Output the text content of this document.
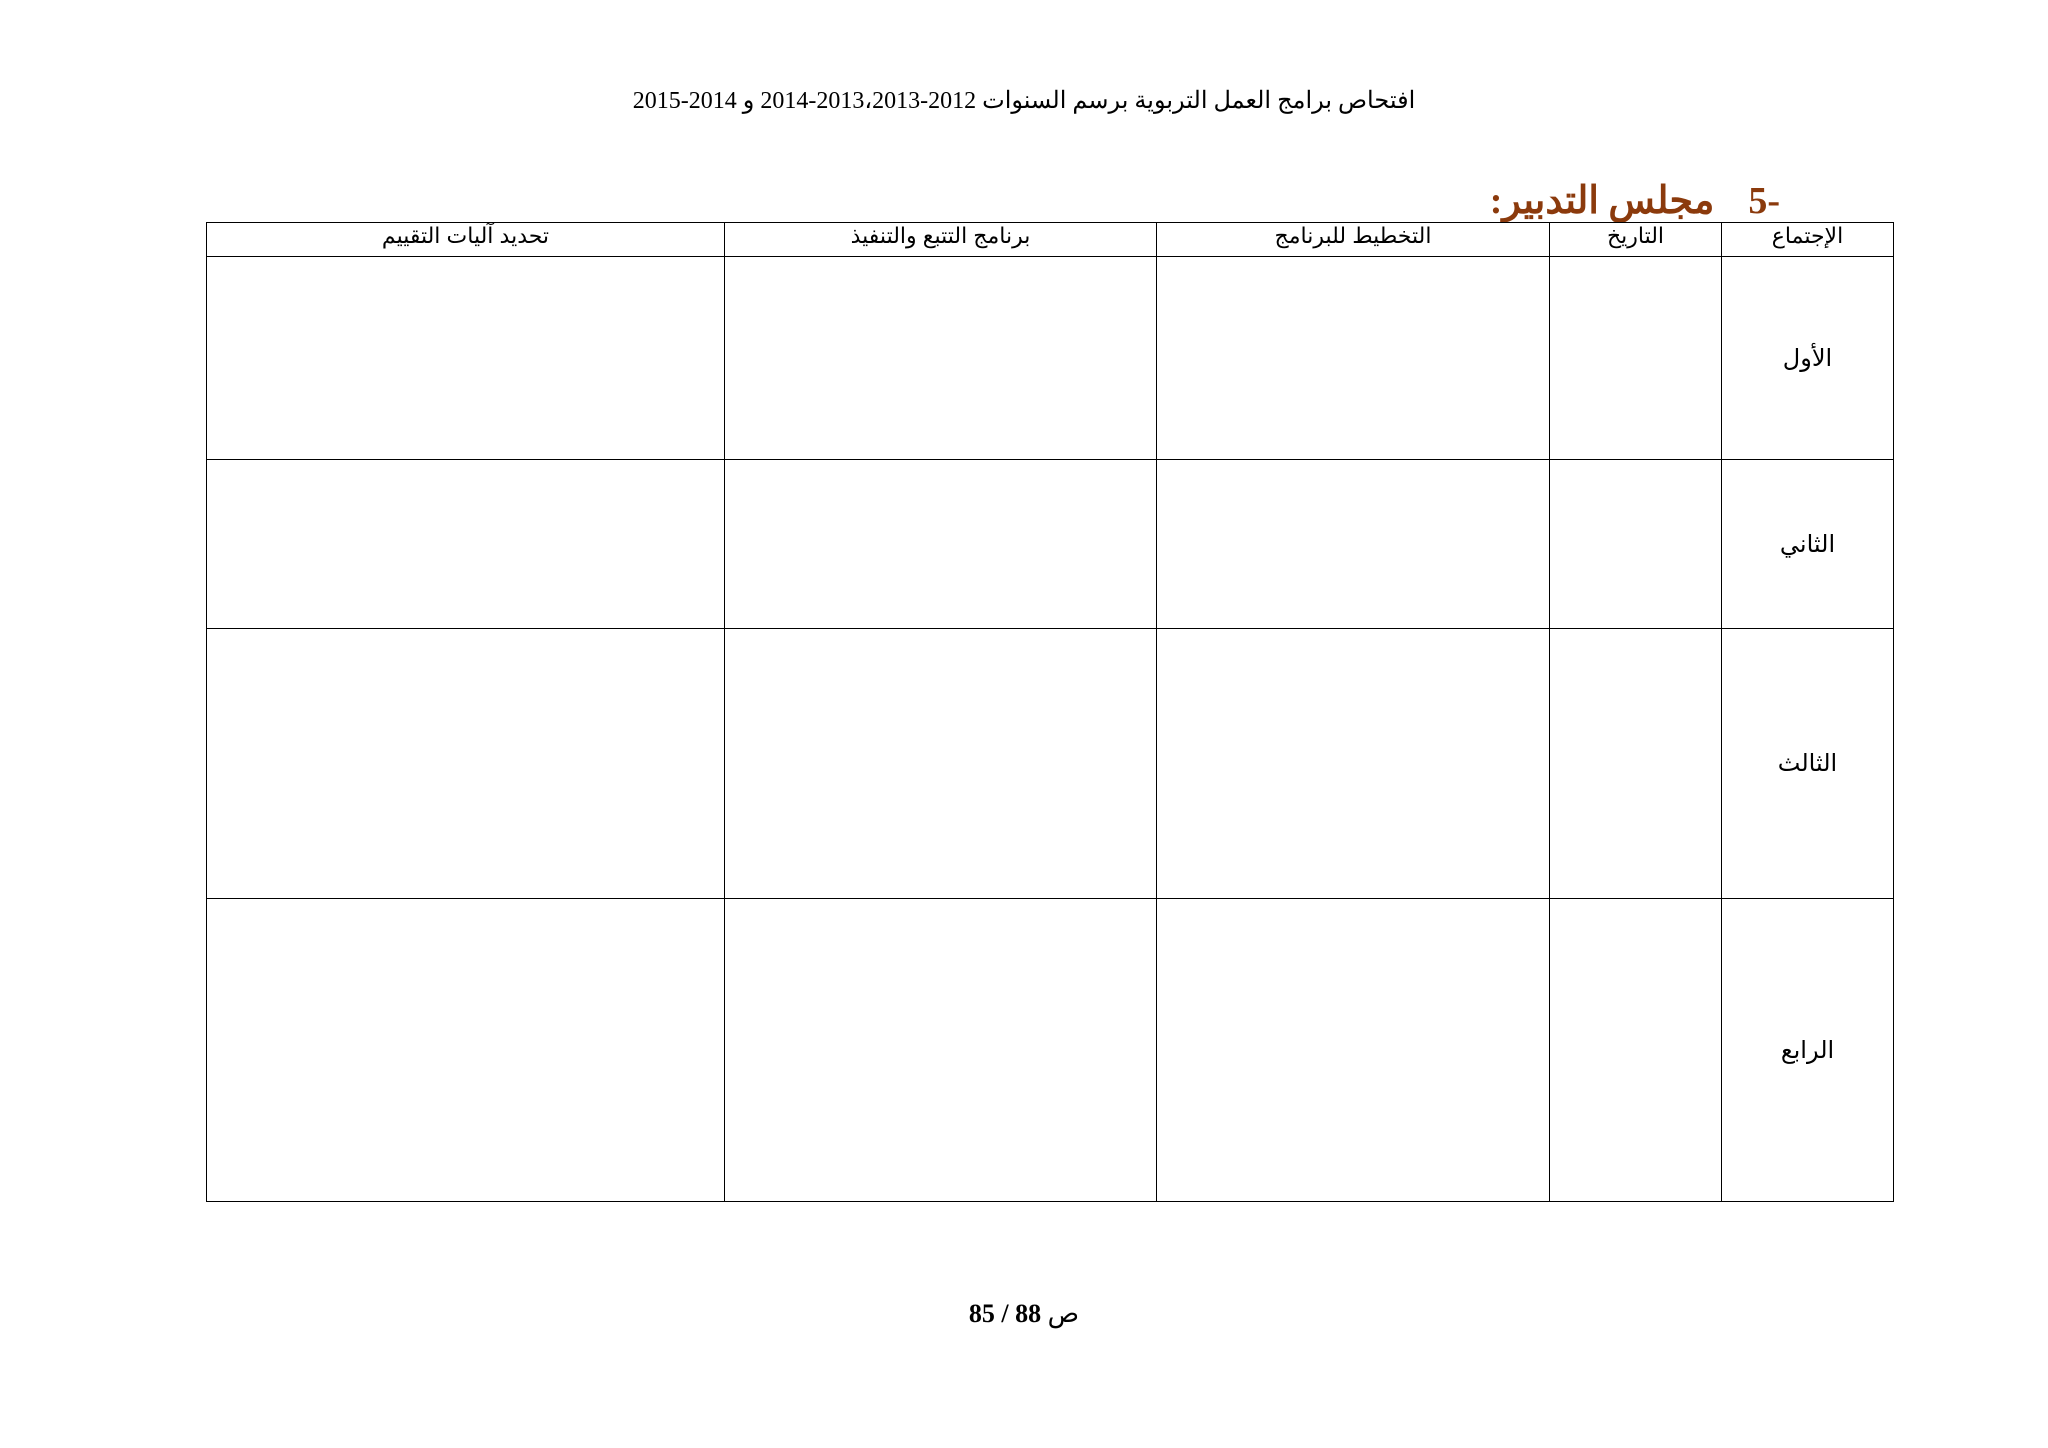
افتحاص برامج العمل التربوية برسم السنوات 2012-2013،2013-2014 و 2014-2015
-5مجلس التدبير:
الإجتماع	التاريخ	التخطيط للبرنامج	برنامج التتبع والتنفيذ	تحديد آليات التقييم
الأول				
الثاني				
الثالث				
الرابع				
85 / 88 ص
